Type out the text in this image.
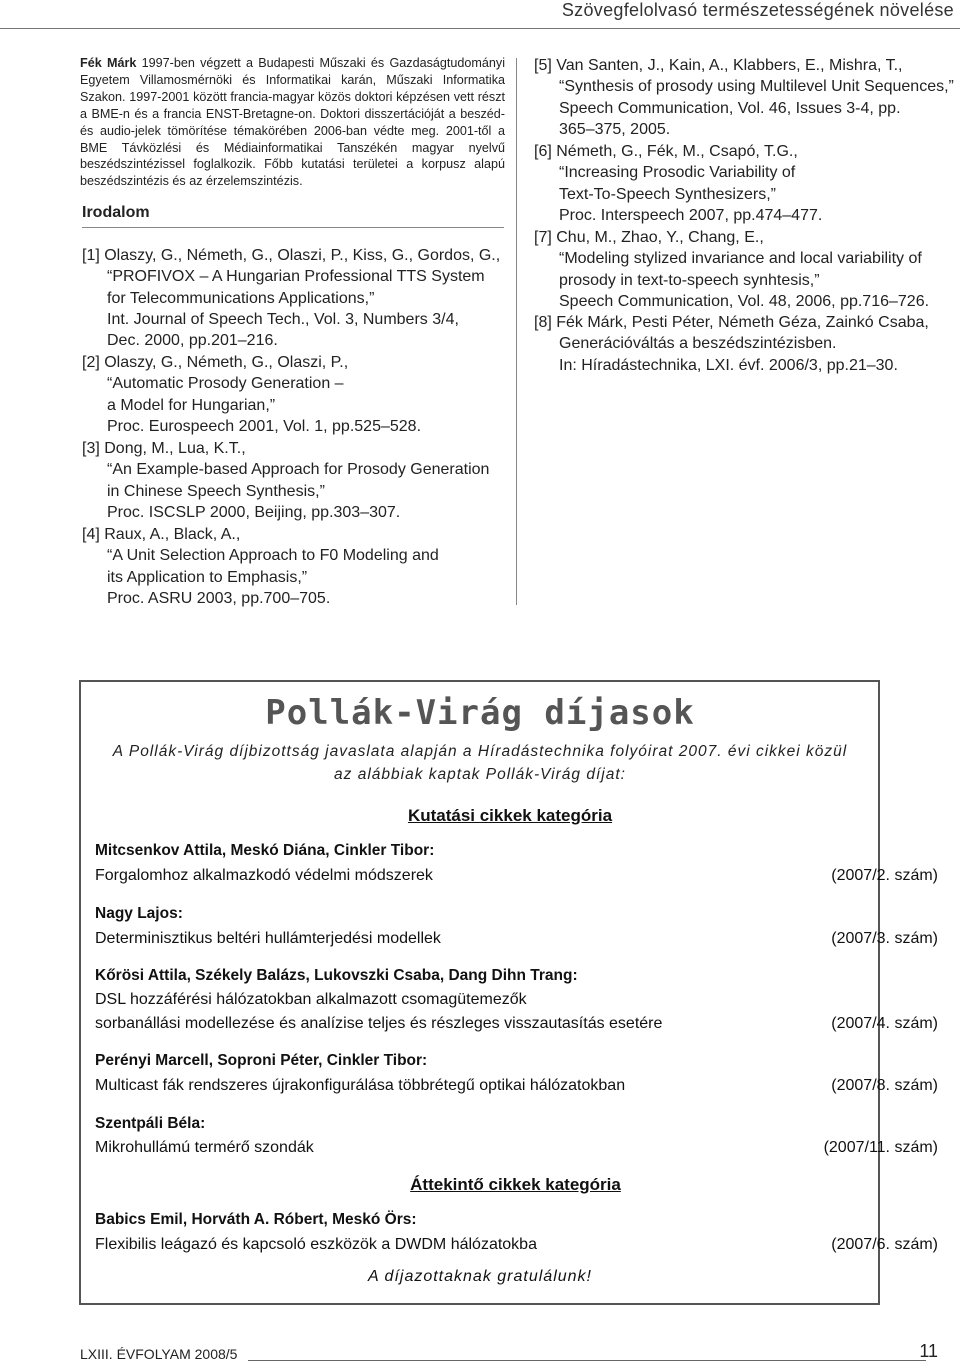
Szövegfelolvasó természetességének növelése
Fék Márk 1997-ben végzett a Budapesti Műszaki és Gazdaságtudományi Egyetem Villamosmérnöki és Informatikai karán, Műszaki Informatika Szakon. 1997-2001 között francia-magyar közös doktori képzésen vett részt a BME-n és a francia ENST-Bretagne-on. Doktori disszertációját a beszéd- és audio-jelek tömörítése témakörében 2006-ban védte meg. 2001-től a BME Távközlési és Médiainformatikai Tanszékén magyar nyelvű beszédszintézissel foglalkozik. Főbb kutatási területei a korpusz alapú beszédszintézis és az érzelemszintézis.
Irodalom
[1] Olaszy, G., Németh, G., Olaszi, P., Kiss, G., Gordos, G.,
“PROFIVOX – A Hungarian Professional TTS System
for Telecommunications Applications,”
Int. Journal of Speech Tech., Vol. 3, Numbers 3/4,
Dec. 2000, pp.201–216.
[2] Olaszy, G., Németh, G., Olaszi, P.,
“Automatic Prosody Generation –
a Model for Hungarian,”
Proc. Eurospeech 2001, Vol. 1, pp.525–528.
[3] Dong, M., Lua, K.T.,
“An Example-based Approach for Prosody Generation
in Chinese Speech Synthesis,”
Proc. ISCSLP 2000, Beijing, pp.303–307.
[4] Raux, A., Black, A.,
“A Unit Selection Approach to F0 Modeling and
its Application to Emphasis,”
Proc. ASRU 2003, pp.700–705.
[5] Van Santen, J., Kain, A., Klabbers, E., Mishra, T.,
“Synthesis of prosody using Multilevel Unit Sequences,”
Speech Communication, Vol. 46, Issues 3-4, pp.
365–375, 2005.
[6] Németh, G., Fék, M., Csapó, T.G.,
“Increasing Prosodic Variability of
Text-To-Speech Synthesizers,”
Proc. Interspeech 2007, pp.474–477.
[7] Chu, M., Zhao, Y., Chang, E.,
“Modeling stylized invariance and local variability of
prosody in text-to-speech synhtesis,”
Speech Communication, Vol. 48, 2006, pp.716–726.
[8] Fék Márk, Pesti Péter, Németh Géza, Zainkó Csaba,
Generációváltás a beszédszintézisben.
In: Híradástechnika, LXI. évf. 2006/3, pp.21–30.
Pollák-Virág díjasok
A Pollák-Virág díjbizottság javaslata alapján a Híradástechnika folyóirat 2007. évi cikkei közül
az alábbiak kaptak Pollák-Virág díjat:
Kutatási cikkek kategória
Mitcsenkov Attila, Meskó Diána, Cinkler Tibor:
Forgalomhoz alkalmazkodó védelmi módszerek	(2007/2. szám)
Nagy Lajos:
Determinisztikus beltéri hullámterjedési modellek	(2007/3. szám)
Kőrösi Attila, Székely Balázs, Lukovszki Csaba, Dang Dihn Trang:
DSL hozzáférési hálózatokban alkalmazott csomagütemezők
sorbanállási modellezése és analízise teljes és részleges visszautasítás esetére	(2007/4. szám)
Perényi Marcell, Soproni Péter, Cinkler Tibor:
Multicast fák rendszeres újrakonfigurálása többrétegű optikai hálózatokban	(2007/8. szám)
Szentpáli Béla:
Mikrohullámú termérő szondák	(2007/11. szám)
Áttekintő cikkek kategória
Babics Emil, Horváth A. Róbert, Meskó Örs:
Flexibilis leágazó és kapcsoló eszközök a DWDM hálózatokba	(2007/6. szám)
A díjazottaknak gratulálunk!
LXIII. ÉVFOLYAM 2008/5	11
